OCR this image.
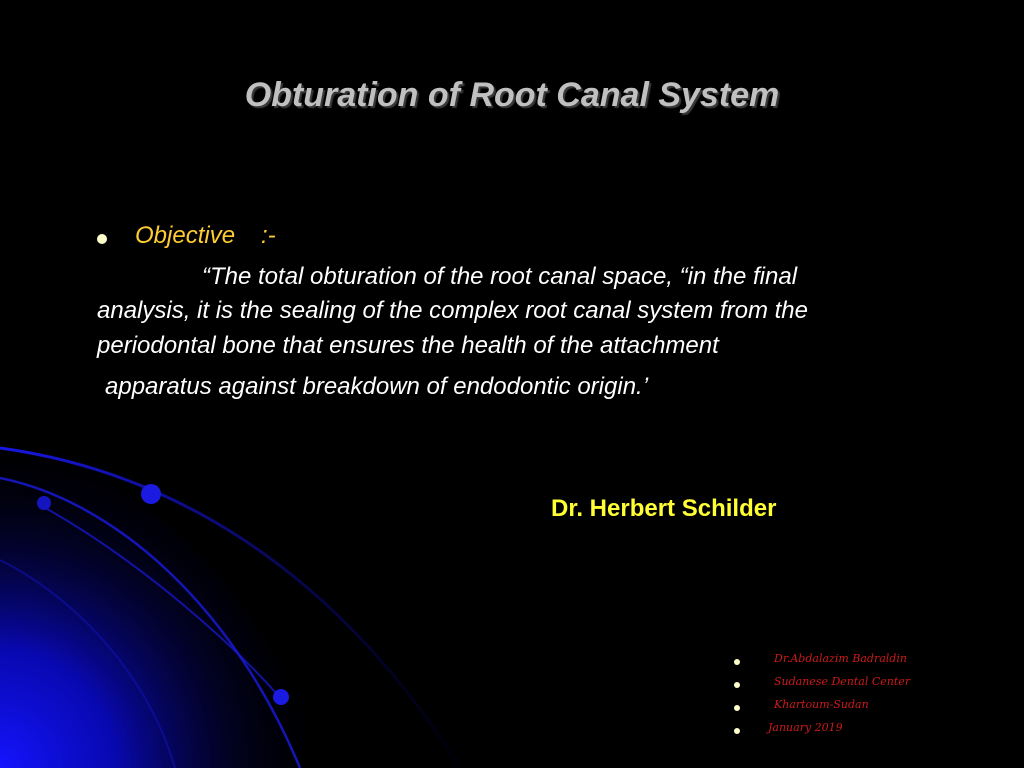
Obturation of Root Canal System
Objective :-
“The total obturation of the root canal space, “in the final
analysis, it is the sealing of the complex root canal system from the
periodontal bone that ensures the health of the attachment
apparatus against breakdown of endodontic origin.’
Dr. Herbert Schilder
Dr.Abdalazim Badraldin
Sudanese Dental Center
Khartoum-Sudan
January 2019
